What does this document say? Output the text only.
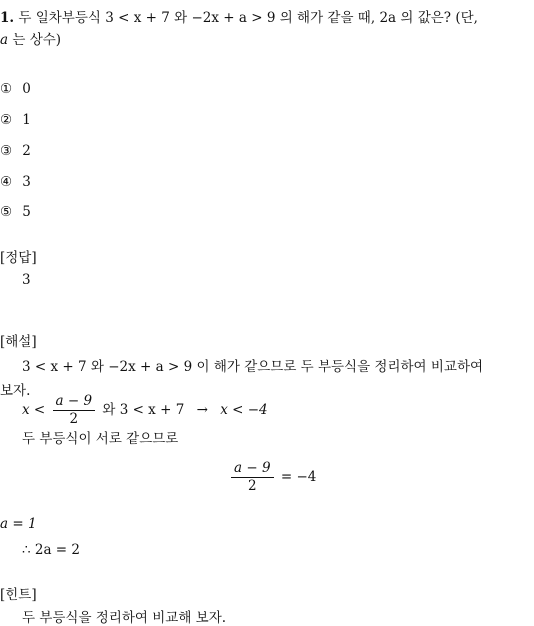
1. 두 일차부등식 3 < x + 7 와 −2x + a > 9 의 해가 같을 때, 2a 의 값은? (단,
a 는 상수)
① 0
② 1
③ 2
④ 3
⑤ 5
[정답]
3
[해설]
3 < x + 7 와 −2x + a > 9 이 해가 같으므로 두 부등식을 정리하여 비교하여
보자.
$x < \frac{a - 9}{2}$ 와 3 < x + 7 → x < −4
두 부등식이 서로 같으므로
$\frac{a - 9}{2} = -4$
a = 1
∴ 2a = 2
[힌트]
두 부등식을 정리하여 비교해 보자.
